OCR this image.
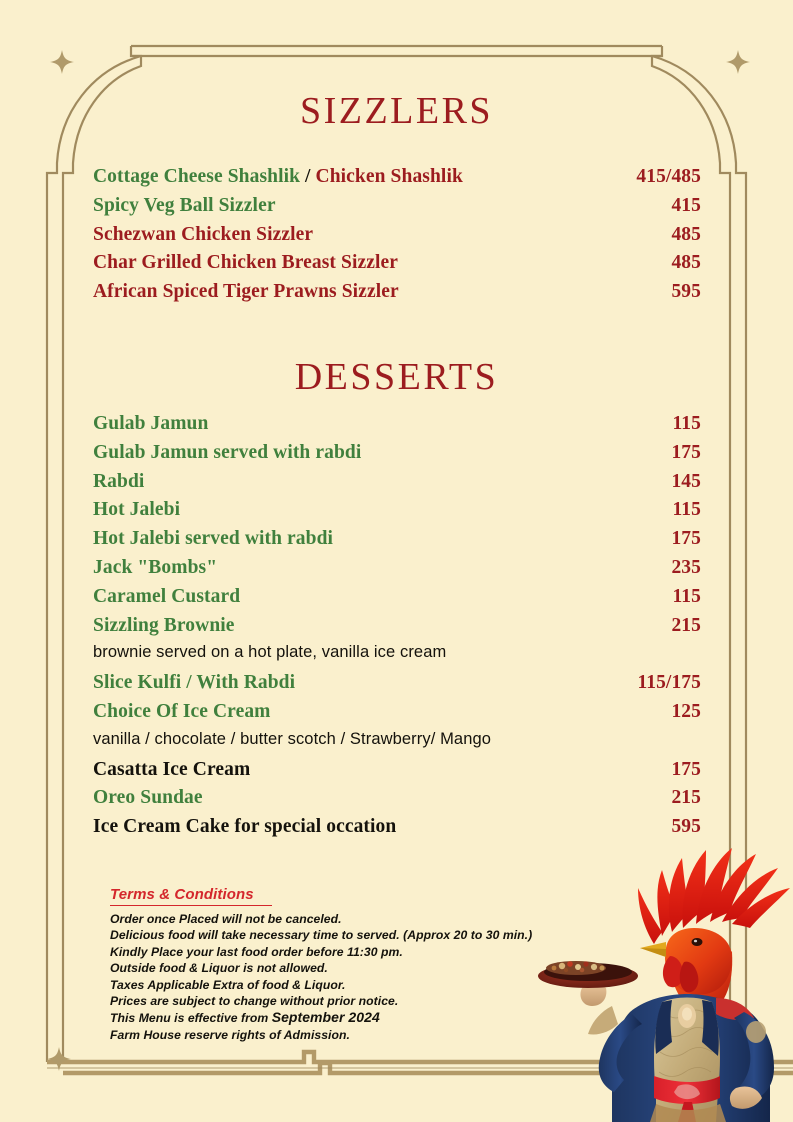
SIZZLERS
Cottage Cheese Shashlik / Chicken Shashlik	415/485
Spicy Veg Ball Sizzler	415
Schezwan Chicken Sizzler	485
Char Grilled Chicken Breast Sizzler	485
African Spiced Tiger Prawns Sizzler	595
DESSERTS
Gulab Jamun	115
Gulab Jamun served with rabdi	175
Rabdi	145
Hot Jalebi	115
Hot Jalebi served with rabdi	175
Jack "Bombs"	235
Caramel Custard	115
Sizzling Brownie	215
brownie served on a hot plate, vanilla ice cream
Slice Kulfi / With Rabdi	115/175
Choice Of Ice Cream	125
vanilla / chocolate / butter scotch / Strawberry/ Mango
Casatta Ice Cream	175
Oreo Sundae	215
Ice Cream Cake for special occation	595
Terms & Conditions
Order once Placed will not be canceled.
Delicious food will take necessary time to served. (Approx 20 to 30 min.)
Kindly Place your last food order before 11:30 pm.
Outside food & Liquor is not allowed.
Taxes Applicable Extra of food & Liquor.
Prices are subject to change without prior notice.
This Menu is effective from September 2024
Farm House reserve rights of Admission.
